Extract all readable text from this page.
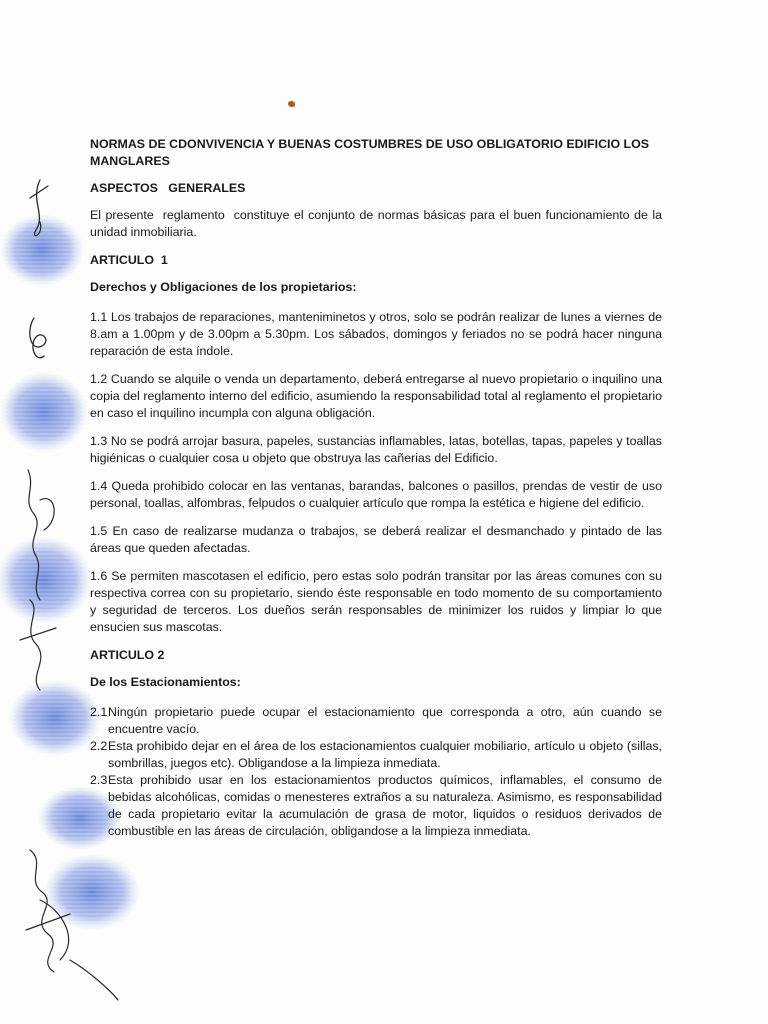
NORMAS DE CDONVIVENCIA Y BUENAS COSTUMBRES DE USO OBLIGATORIO EDIFICIO LOS MANGLARES
ASPECTOS   GENERALES

El presente  reglamento  constituye el conjunto de normas básicas para el buen funcionamiento de la unidad inmobiliaria.

ARTICULO  1
Derechos y Obligaciones de los propietarios:

1.1 Los trabajos de reparaciones, manteniminetos y otros, solo se podrán realizar de lunes a viernes de 8.am a 1.00pm y de 3.00pm a 5.30pm. Los sábados, domingos y feriados no se podrá hacer ninguna reparación de esta índole.

1.2 Cuando se alquile o venda un departamento, deberá entregarse al nuevo propietario o inquilino una copia del reglamento interno del edificio, asumiendo la responsabilidad total al reglamento el propietario en caso el inquilino incumpla con alguna obligación.

1.3 No se podrá arrojar basura, papeles, sustancias inflamables, latas, botellas, tapas, papeles y toallas higiénicas o cualquier cosa u objeto que obstruya las cañerias del Edificio.

1.4 Queda prohibido colocar en las ventanas, barandas, balcones o pasillos, prendas de vestir de uso personal, toallas, alfombras, felpudos o cualquier artículo que rompa la estética e higiene del edificio.

1.5 En caso de realizarse mudanza o trabajos, se deberá realizar el desmanchado y pintado de las áreas que queden afectadas.

1.6 Se permiten mascotasen el edificio, pero estas solo podrán transitar por las áreas comunes con su respectiva correa con su propietario, siendo éste responsable en todo momento de su comportamiento y seguridad de terceros. Los dueños serán responsables de minimizer los ruidos y limpiar lo que ensucien sus mascotas.

ARTICULO 2
De los Estacionamientos:
2.1 Ningún propietario puede ocupar el estacionamiento que corresponda a otro, aún cuando se encuentre vacío.
2.2 Esta prohibido dejar en el área de los estacionamientos cualquier mobiliario, artículo u objeto (sillas, sombrillas, juegos etc). Obligandose a la limpieza inmediata.
2.3 Esta prohibido usar en los estacionamientos productos químicos, inflamables, el consumo de bebidas alcohólicas, comidas o menesteres extraños a su naturaleza. Asimismo, es responsabilidad de cada propietario evitar la acumulación de grasa de motor, liquidos o residuos derivados de combustible en las áreas de circulación, obligandose a la limpieza inmediata.
